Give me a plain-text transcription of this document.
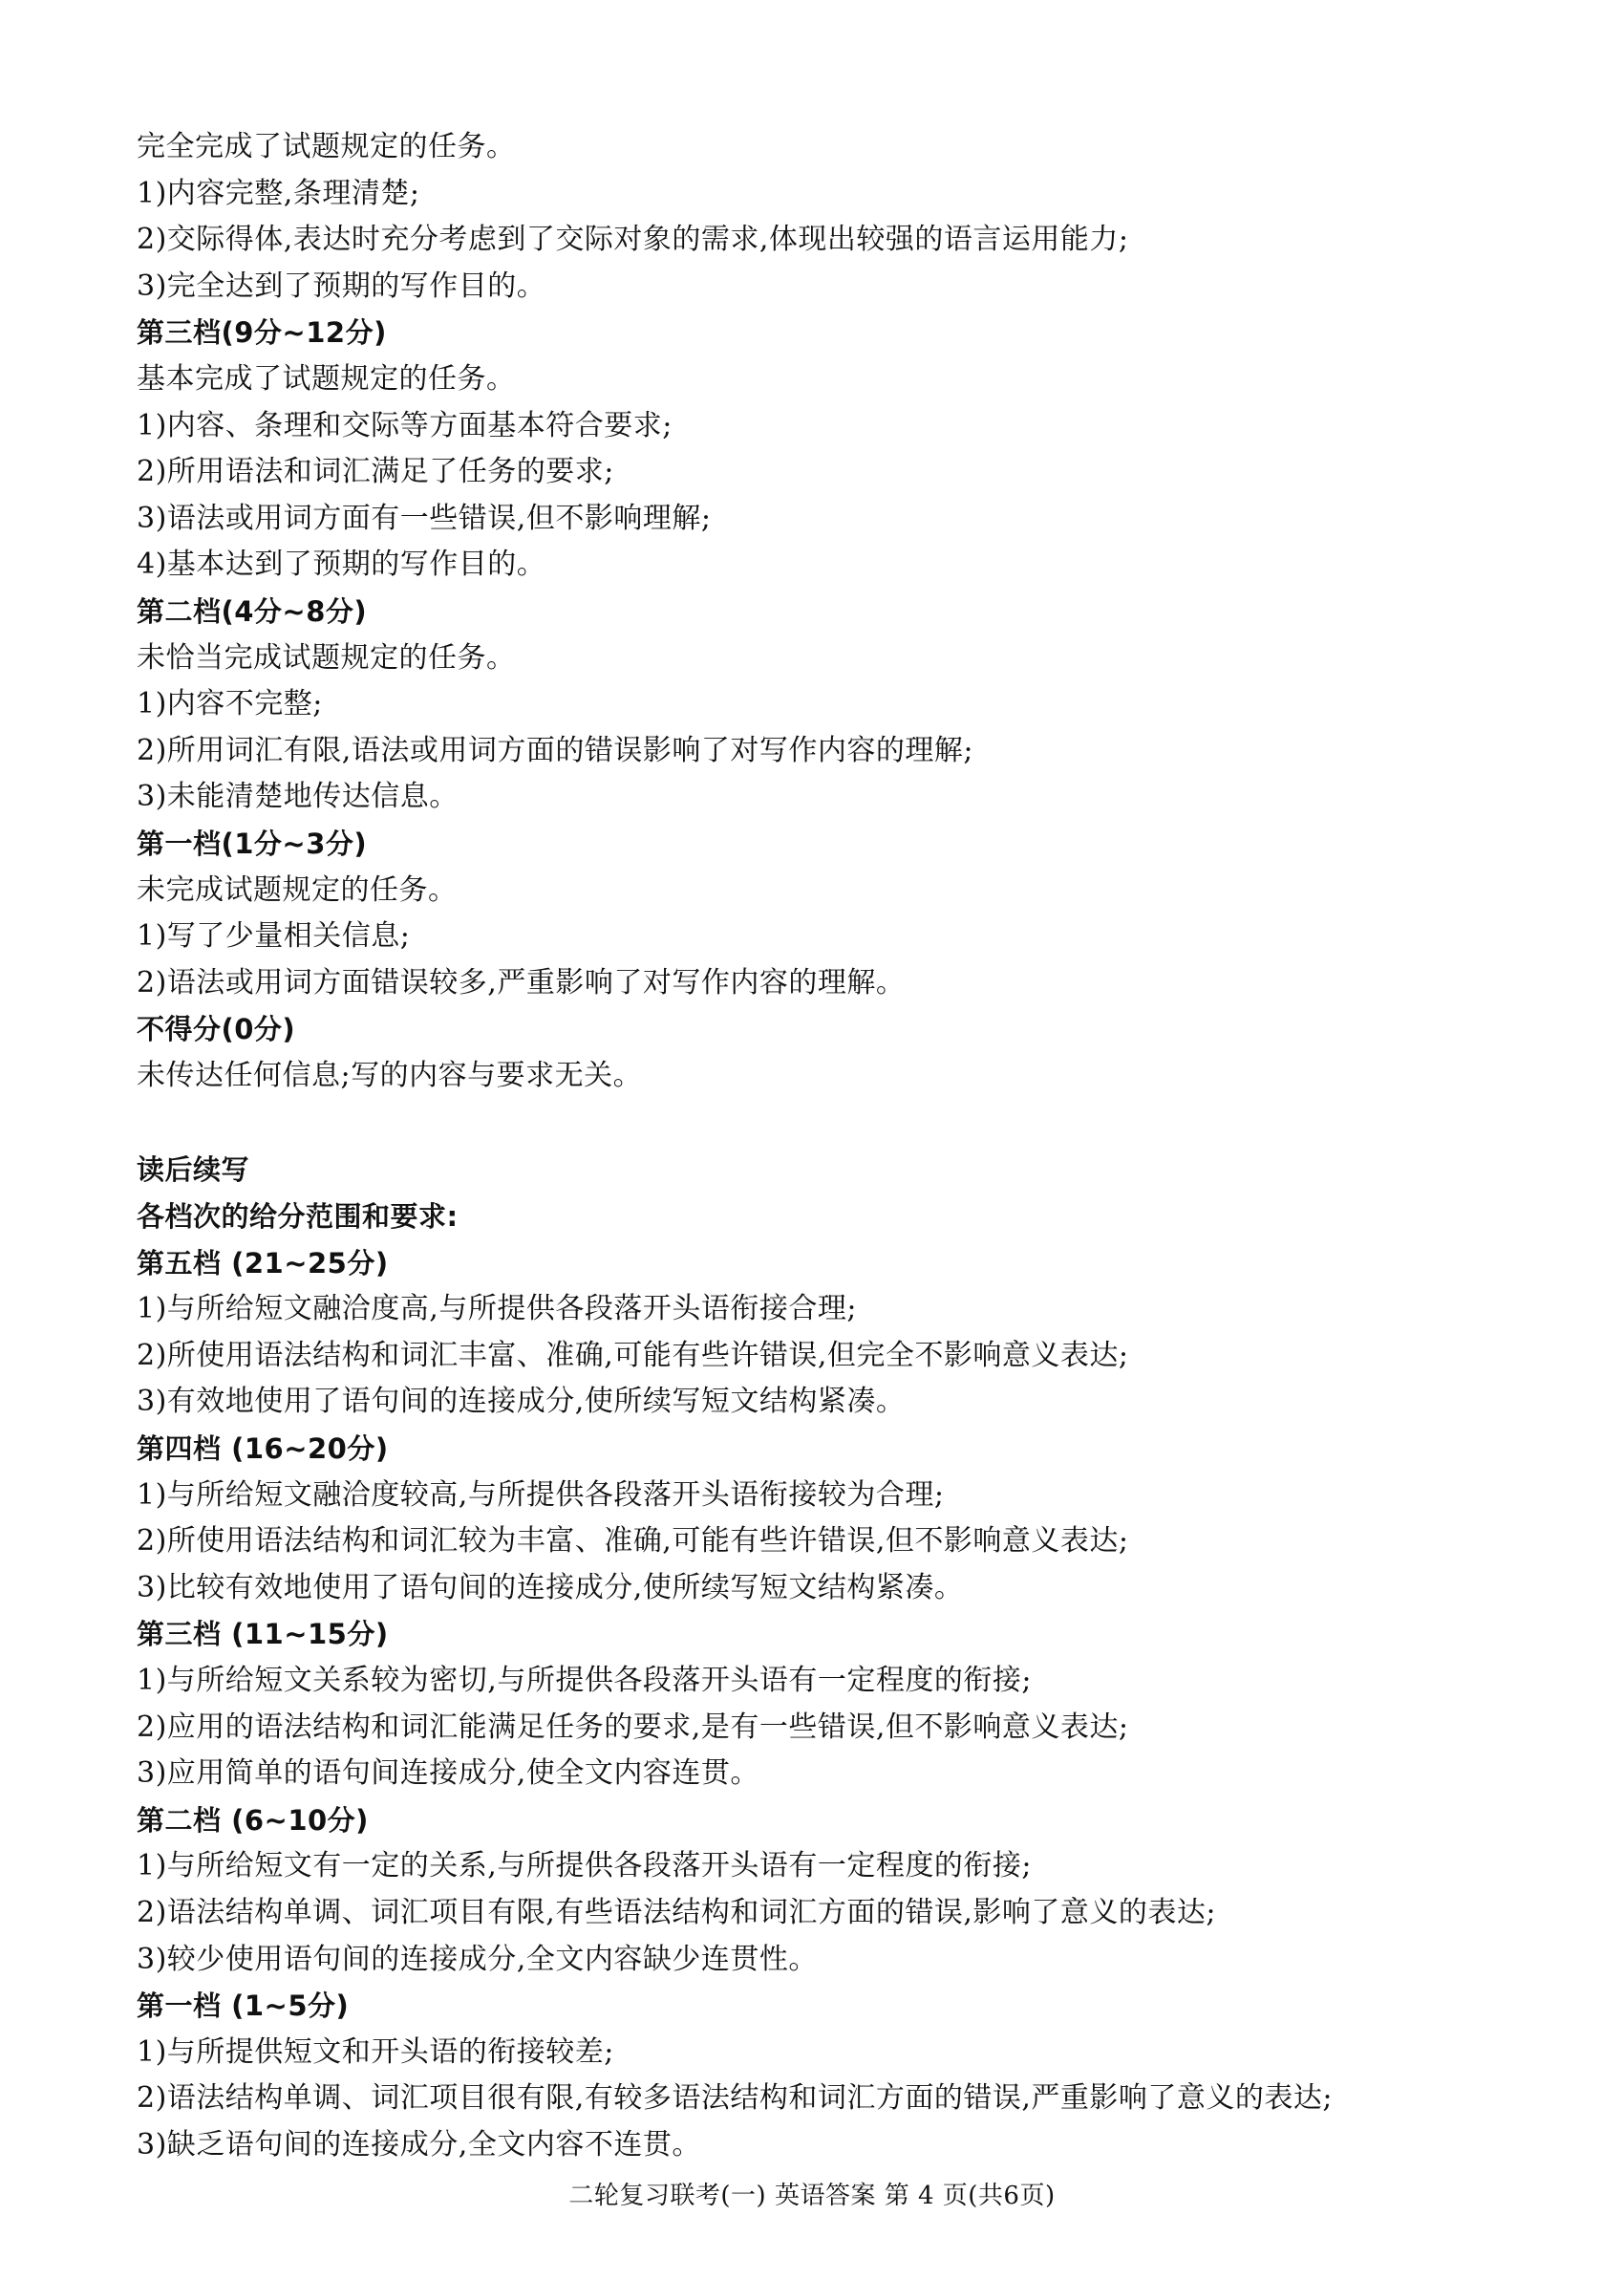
完全完成了试题规定的任务。
1)内容完整,条理清楚;
2)交际得体,表达时充分考虑到了交际对象的需求,体现出较强的语言运用能力;
3)完全达到了预期的写作目的。
第三档(9分~12分)
基本完成了试题规定的任务。
1)内容、条理和交际等方面基本符合要求;
2)所用语法和词汇满足了任务的要求;
3)语法或用词方面有一些错误,但不影响理解;
4)基本达到了预期的写作目的。
第二档(4分~8分)
未恰当完成试题规定的任务。
1)内容不完整;
2)所用词汇有限,语法或用词方面的错误影响了对写作内容的理解;
3)未能清楚地传达信息。
第一档(1分~3分)
未完成试题规定的任务。
1)写了少量相关信息;
2)语法或用词方面错误较多,严重影响了对写作内容的理解。
不得分(0分)
未传达任何信息;写的内容与要求无关。
读后续写
各档次的给分范围和要求:
第五档 (21~25分)
1)与所给短文融洽度高,与所提供各段落开头语衔接合理;
2)所使用语法结构和词汇丰富、准确,可能有些许错误,但完全不影响意义表达;
3)有效地使用了语句间的连接成分,使所续写短文结构紧凑。
第四档 (16~20分)
1)与所给短文融洽度较高,与所提供各段落开头语衔接较为合理;
2)所使用语法结构和词汇较为丰富、准确,可能有些许错误,但不影响意义表达;
3)比较有效地使用了语句间的连接成分,使所续写短文结构紧凑。
第三档 (11~15分)
1)与所给短文关系较为密切,与所提供各段落开头语有一定程度的衔接;
2)应用的语法结构和词汇能满足任务的要求,是有一些错误,但不影响意义表达;
3)应用简单的语句间连接成分,使全文内容连贯。
第二档 (6~10分)
1)与所给短文有一定的关系,与所提供各段落开头语有一定程度的衔接;
2)语法结构单调、词汇项目有限,有些语法结构和词汇方面的错误,影响了意义的表达;
3)较少使用语句间的连接成分,全文内容缺少连贯性。
第一档 (1~5分)
1)与所提供短文和开头语的衔接较差;
2)语法结构单调、词汇项目很有限,有较多语法结构和词汇方面的错误,严重影响了意义的表达;
3)缺乏语句间的连接成分,全文内容不连贯。
二轮复习联考(一) 英语答案 第 4 页(共6页)
